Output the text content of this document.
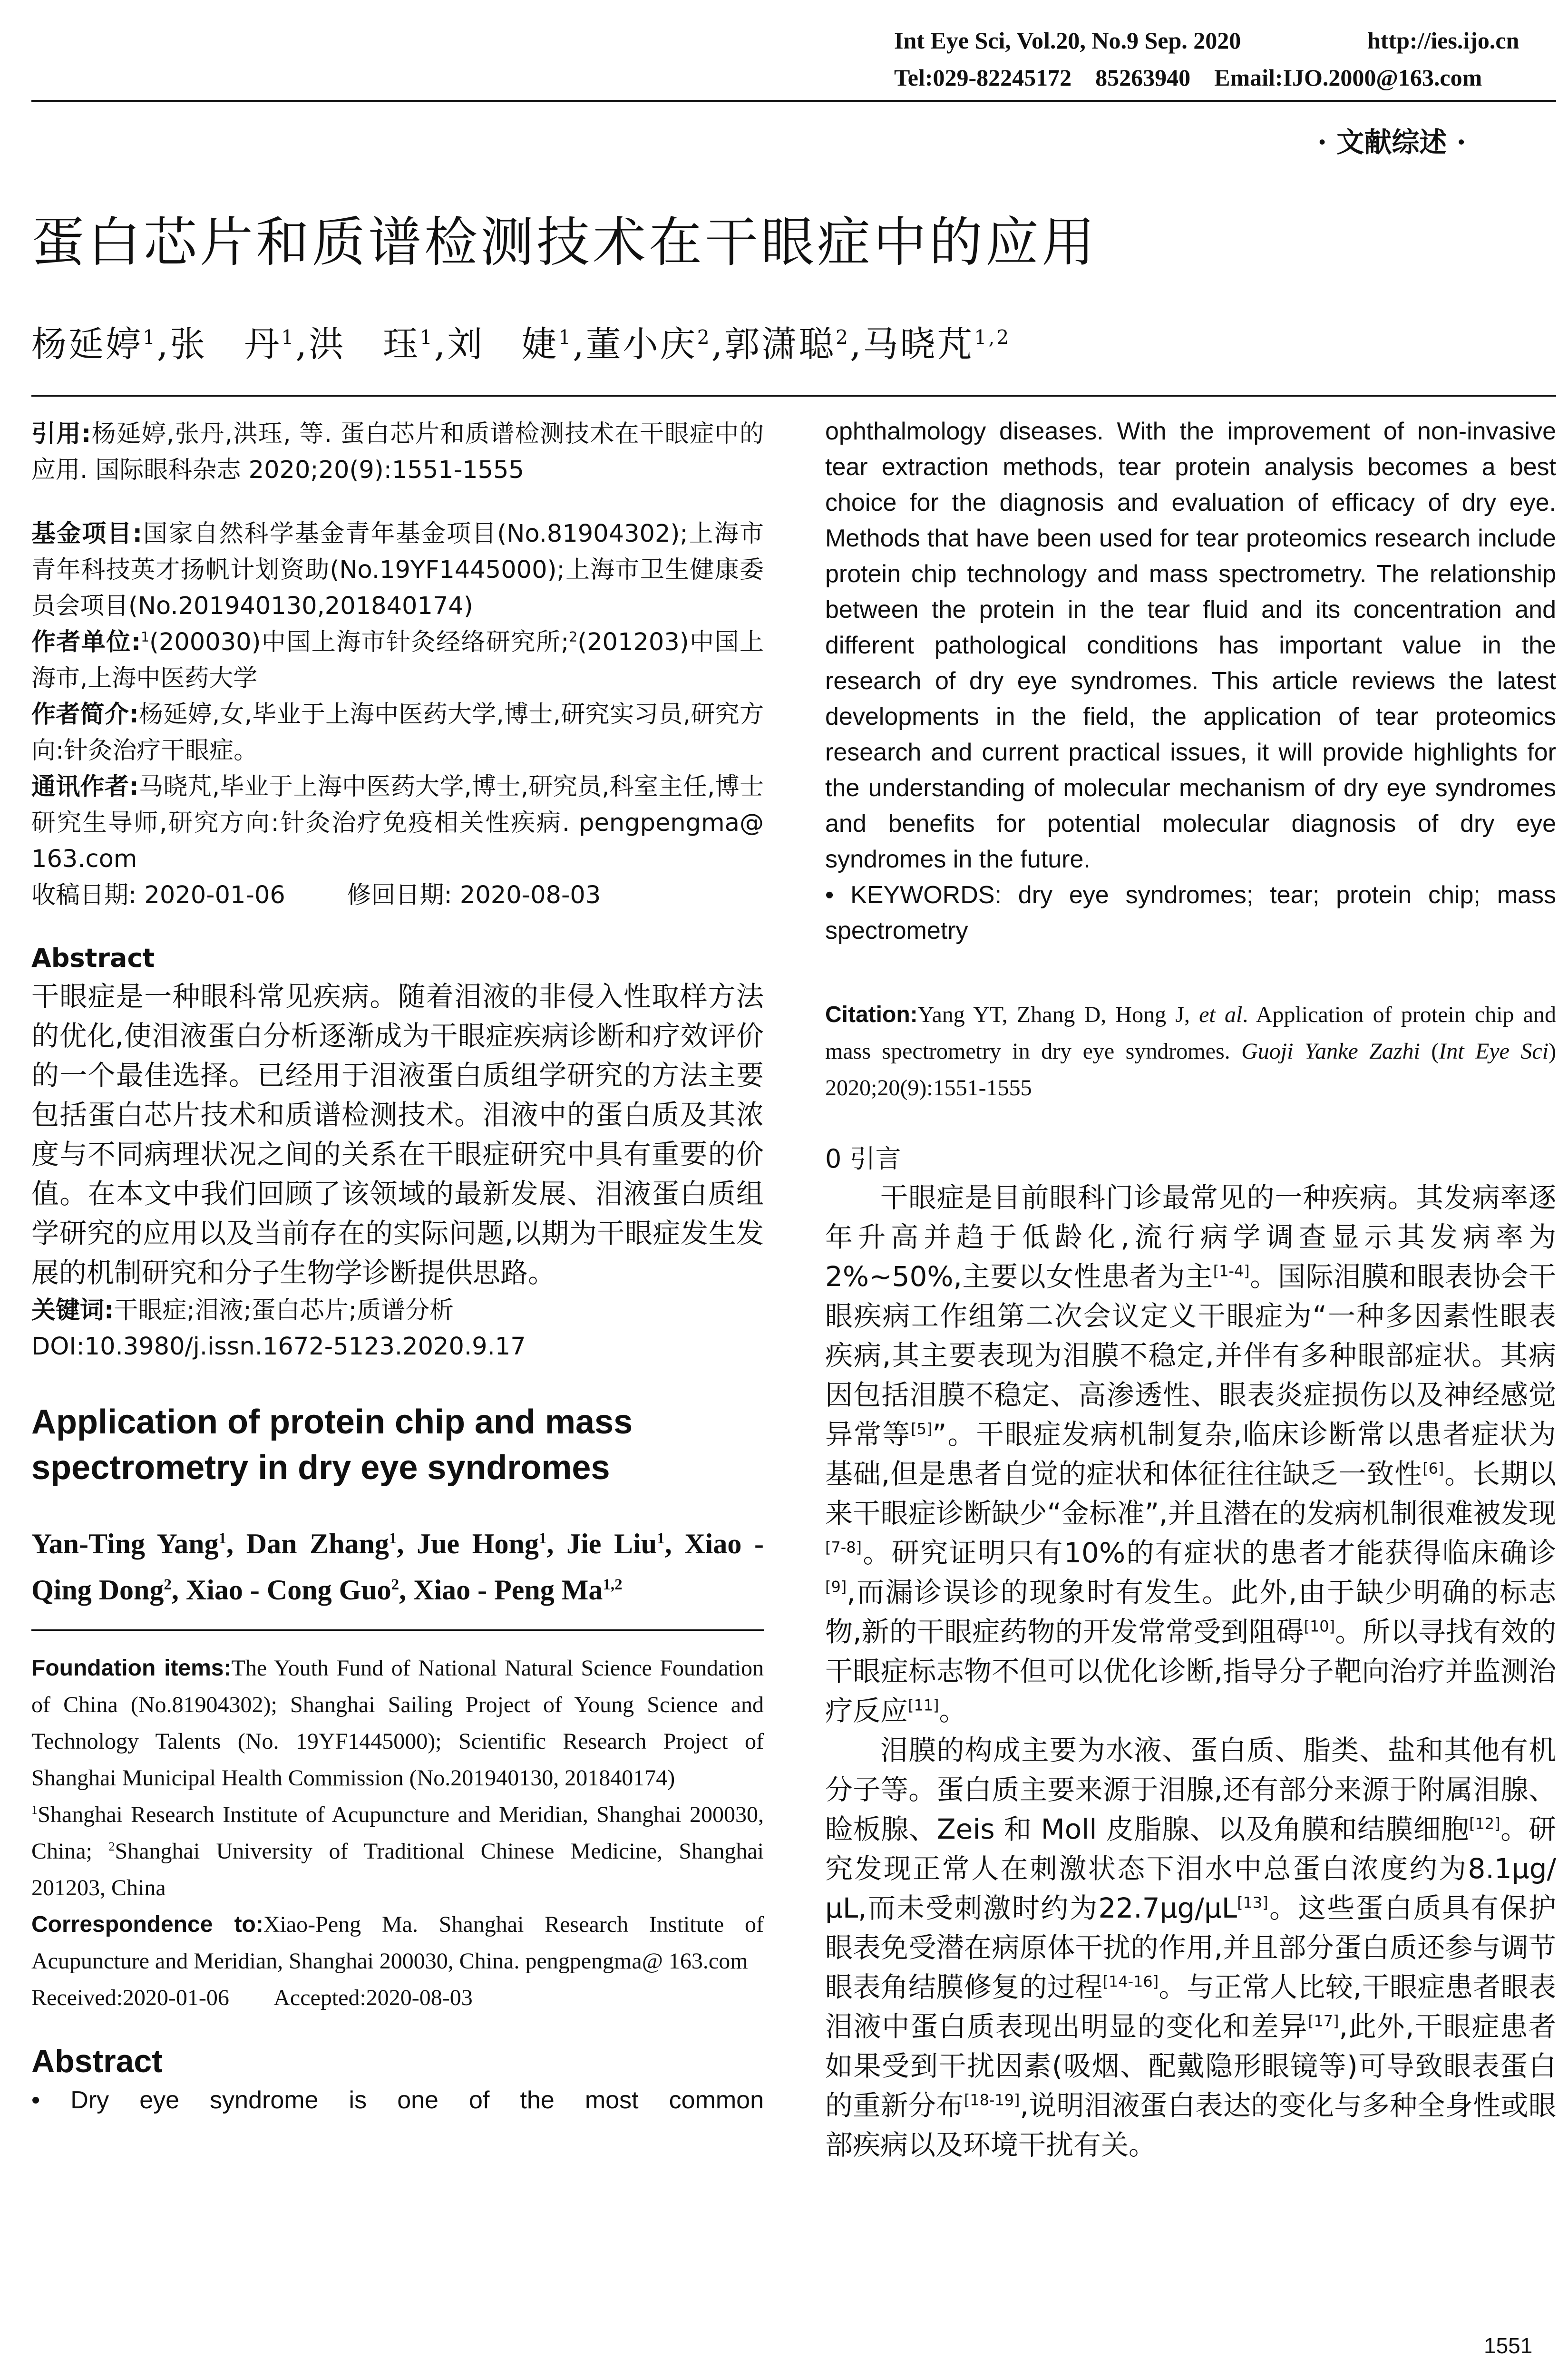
Int Eye Sci, Vol.20, No.9 Sep. 2020	http://ies.ijo.cn
Tel:029-82245172    85263940    Email:IJO.2000@163.com
· 文献综述 ·
蛋白芯片和质谱检测技术在干眼症中的应用
杨延婷$^1$,张　丹$^1$,洪　珏$^1$,刘　婕$^1$,董小庆$^2$,郭潇聪$^2$,马晓芃$^{1,2}$
引用:杨延婷,张丹,洪珏, 等. 蛋白芯片和质谱检测技术在干眼症中的应用. 国际眼科杂志 2020;20(9):1551-1555
基金项目:国家自然科学基金青年基金项目(No.81904302);上海市青年科技英才扬帆计划资助(No.19YF1445000);上海市卫生健康委员会项目(No.201940130,201840174)
作者单位:$^1$(200030)中国上海市针灸经络研究所;$^2$(201203)中国上海市,上海中医药大学
作者简介:杨延婷,女,毕业于上海中医药大学,博士,研究实习员,研究方向:针灸治疗干眼症。
通讯作者:马晓芃,毕业于上海中医药大学,博士,研究员,科室主任,博士研究生导师,研究方向:针灸治疗免疫相关性疾病. pengpengma@ 163.com
收稿日期: 2020-01-06	修回日期: 2020-08-03
Abstract
干眼症是一种眼科常见疾病。随着泪液的非侵入性取样方法的优化,使泪液蛋白分析逐渐成为干眼症疾病诊断和疗效评价的一个最佳选择。已经用于泪液蛋白质组学研究的方法主要包括蛋白芯片技术和质谱检测技术。泪液中的蛋白质及其浓度与不同病理状况之间的关系在干眼症研究中具有重要的价值。在本文中我们回顾了该领域的最新发展、泪液蛋白质组学研究的应用以及当前存在的实际问题,以期为干眼症发生发展的机制研究和分子生物学诊断提供思路。
关键词:干眼症;泪液;蛋白芯片;质谱分析
DOI:10.3980/j.issn.1672-5123.2020.9.17
Application of protein chip and mass spectrometry in dry eye syndromes
Yan-Ting Yang$^1$, Dan Zhang$^1$, Jue Hong$^1$, Jie Liu$^1$, Xiao - Qing Dong$^2$, Xiao - Cong Guo$^2$, Xiao - Peng Ma$^{1,2}$
Foundation items:The Youth Fund of National Natural Science Foundation of China (No.81904302); Shanghai Sailing Project of Young Science and Technology Talents (No. 19YF1445000); Scientific Research Project of Shanghai Municipal Health Commission (No.201940130, 201840174)
$^1$Shanghai Research Institute of Acupuncture and Meridian, Shanghai 200030, China; $^2$Shanghai University of Traditional Chinese Medicine, Shanghai 201203, China
Correspondence to:Xiao-Peng Ma. Shanghai Research Institute of Acupuncture and Meridian, Shanghai 200030, China. pengpengma@ 163.com
Received:2020-01-06 Accepted:2020-08-03
Abstract
• Dry eye syndrome is one of the most common
ophthalmology diseases. With the improvement of non-invasive tear extraction methods, tear protein analysis becomes a best choice for the diagnosis and evaluation of efficacy of dry eye. Methods that have been used for tear proteomics research include protein chip technology and mass spectrometry. The relationship between the protein in the tear fluid and its concentration and different pathological conditions has important value in the research of dry eye syndromes. This article reviews the latest developments in the field, the application of tear proteomics research and current practical issues, it will provide highlights for the understanding of molecular mechanism of dry eye syndromes and benefits for potential molecular diagnosis of dry eye syndromes in the future.
• KEYWORDS: dry eye syndromes; tear; protein chip; mass spectrometry
Citation:Yang YT, Zhang D, Hong J, et al. Application of protein chip and mass spectrometry in dry eye syndromes. Guoji Yanke Zazhi (Int Eye Sci) 2020;20(9):1551-1555
0 引言

干眼症是目前眼科门诊最常见的一种疾病。其发病率逐年升高并趋于低龄化,流行病学调查显示其发病率为2%~50%,主要以女性患者为主[1-4]。国际泪膜和眼表协会干眼疾病工作组第二次会议定义干眼症为“一种多因素性眼表疾病,其主要表现为泪膜不稳定,并伴有多种眼部症状。其病因包括泪膜不稳定、高渗透性、眼表炎症损伤以及神经感觉异常等[5]”。干眼症发病机制复杂,临床诊断常以患者症状为基础,但是患者自觉的症状和体征往往缺乏一致性[6]。长期以来干眼症诊断缺少“金标准”,并且潜在的发病机制很难被发现[7-8]。研究证明只有10%的有症状的患者才能获得临床确诊[9],而漏诊误诊的现象时有发生。此外,由于缺少明确的标志物,新的干眼症药物的开发常常受到阻碍[10]。所以寻找有效的干眼症标志物不但可以优化诊断,指导分子靶向治疗并监测治疗反应[11]。

泪膜的构成主要为水液、蛋白质、脂类、盐和其他有机分子等。蛋白质主要来源于泪腺,还有部分来源于附属泪腺、睑板腺、Zeis 和 Moll 皮脂腺、以及角膜和结膜细胞[12]。研究发现正常人在刺激状态下泪水中总蛋白浓度约为8.1μg/μL,而未受刺激时约为22.7μg/μL[13]。这些蛋白质具有保护眼表免受潜在病原体干扰的作用,并且部分蛋白质还参与调节眼表角结膜修复的过程[14-16]。与正常人比较,干眼症患者眼表泪液中蛋白质表现出明显的变化和差异[17],此外,干眼症患者如果受到干扰因素(吸烟、配戴隐形眼镜等)可导致眼表蛋白的重新分布[18-19],说明泪液蛋白表达的变化与多种全身性或眼部疾病以及环境干扰有关。

1551
